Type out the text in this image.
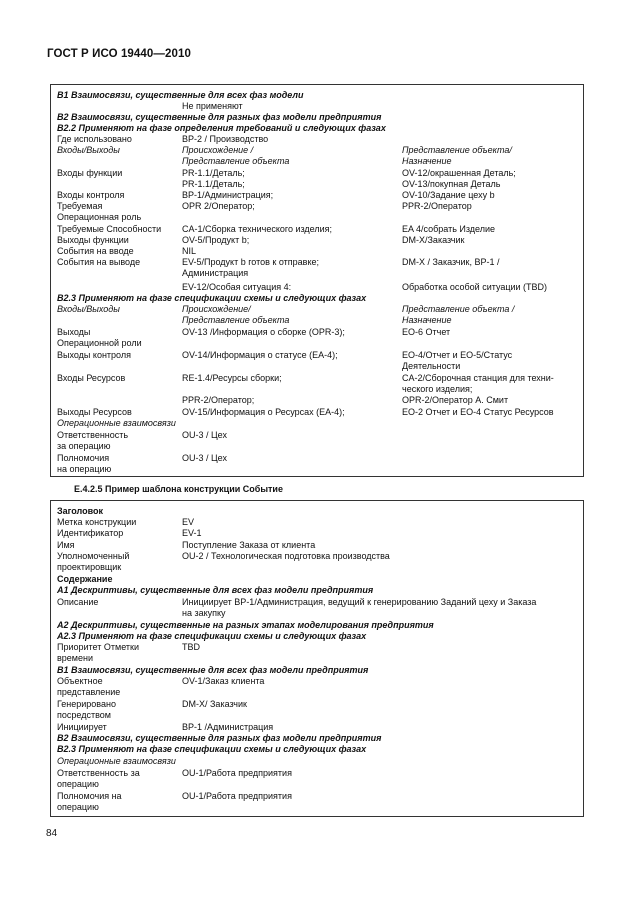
ГОСТ Р ИСО 19440—2010
В1 Взаимосвязи, существенные для всех фаз модели
Не применяют
В2 Взаимосвязи, существенные для разных фаз модели предприятия
В2.2 Применяют на фазе определения требований и следующих фазах
Где использовано	BP-2 / Производство
Входы/Выходы	Происхождение /	Представление объекта/
Представление объекта	Назначение
Входы функции	PR-1.1/Деталь;	OV-12/окрашенная Деталь;
PR-1.1/Деталь;	OV-13/покупная Деталь
Входы контроля	BP-1/Администрация;	OV-10/Задание цеху b
Требуемая	OPR 2/Оператор;	PPR-2/Оператор
Операционная роль
Требуемые Способности CA-1/Сборка технического изделия;	EA 4/собрать Изделие
Выходы функции	OV-5/Продукт b;	DM-X/Заказчик
События на вводе	NIL
События на выводе	EV-5/Продукт b готов к отправке;	DM-X / Заказчик, BP-1 /
Администрация
EV-12/Особая ситуация 4:	Обработка особой ситуации (TBD)
В2.3 Применяют на фазе спецификации схемы и следующих фазах
Входы/Выходы	Происхождение/	Представление объекта /
Представление объекта	Назначение
Выходы	OV-13 /Информация о сборке (OPR-3);	EO-6 Отчет
Операционной роли
Выходы контроля	OV-14/Информация о статусе (EA-4);	EO-4/Отчет и EO-5/Статус
Деятельности
Входы Ресурсов	RE-1.4/Ресурсы сборки;	CA-2/Сборочная станция для техни-
ческого изделия;
PPR-2/Оператор;	OPR-2/Оператор А. Смит
Выходы Ресурсов	OV-15/Информация о Ресурсах (EA-4);	EO-2 Отчет и EO-4 Статус Ресурсов
Операционные взаимосвязи
Ответственность	OU-3 / Цех
за операцию
Полномочия	OU-3 / Цех
на операцию
E.4.2.5 Пример шаблона конструкции Событие
Заголовок
Метка конструкции	EV
Идентификатор	EV-1
Имя	Поступление Заказа от клиента
Уполномоченный	OU-2 / Технологическая подготовка производства
проектировщик
Содержание
А1 Дескриптивы, существенные для всех фаз модели предприятия
Описание	Инициирует BP-1/Администрация, ведущий к генерированию Заданий цеху и Заказа
на закупку
А2 Дескриптивы, существенные на разных этапах моделирования предприятия
А2.3 Применяют на фазе спецификации схемы и следующих фазах
Приоритет Отметки	TBD
времени
В1 Взаимосвязи, существенные для всех фаз модели предприятия
Объектное	OV-1/Заказ клиента
представление
Генерировано	DM-X/ Заказчик
посредством
Инициирует	BP-1 /Администрация
В2 Взаимосвязи, существенные для разных фаз модели предприятия
В2.3 Применяют на фазе спецификации схемы и следующих фазах
Операционные взаимосвязи
Ответственность за	OU-1/Работа предприятия
операцию
Полномочия на	OU-1/Работа предприятия
операцию
84
